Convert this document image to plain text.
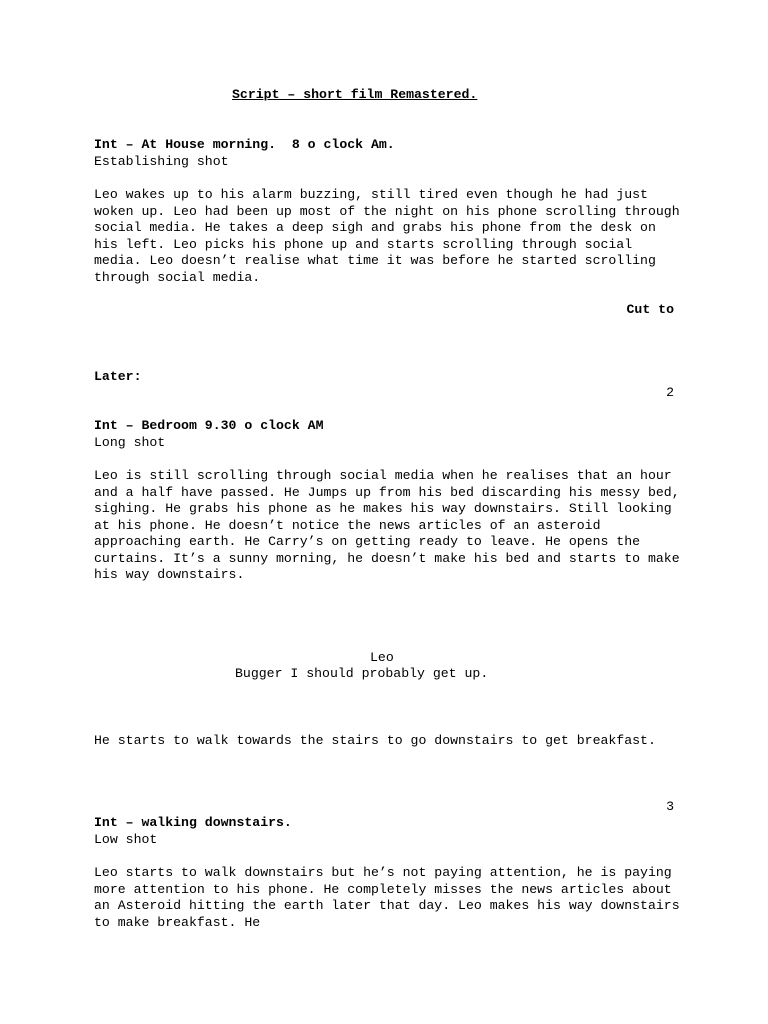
Script – short film Remastered.
Int – At House morning.  8 o clock Am.
Establishing shot
Leo wakes up to his alarm buzzing, still tired even though he had just woken up. Leo had been up most of the night on his phone scrolling through social media. He takes a deep sigh and grabs his phone from the desk on his left. Leo picks his phone up and starts scrolling through social media. Leo doesn’t realise what time it was before he started scrolling through social media.
Cut to
Later:
2
Int – Bedroom 9.30 o clock AM
Long shot
Leo is still scrolling through social media when he realises that an hour and a half have passed. He Jumps up from his bed discarding his messy bed, sighing. He grabs his phone as he makes his way downstairs. Still looking at his phone. He doesn’t notice the news articles of an asteroid approaching earth. He Carry’s on getting ready to leave. He opens the curtains. It’s a sunny morning, he doesn’t make his bed and starts to make his way downstairs.
Leo
Bugger I should probably get up.
He starts to walk towards the stairs to go downstairs to get breakfast.
3
Int – walking downstairs.
Low shot
Leo starts to walk downstairs but he’s not paying attention, he is paying more attention to his phone. He completely misses the news articles about an Asteroid hitting the earth later that day. Leo makes his way downstairs to make breakfast. He
